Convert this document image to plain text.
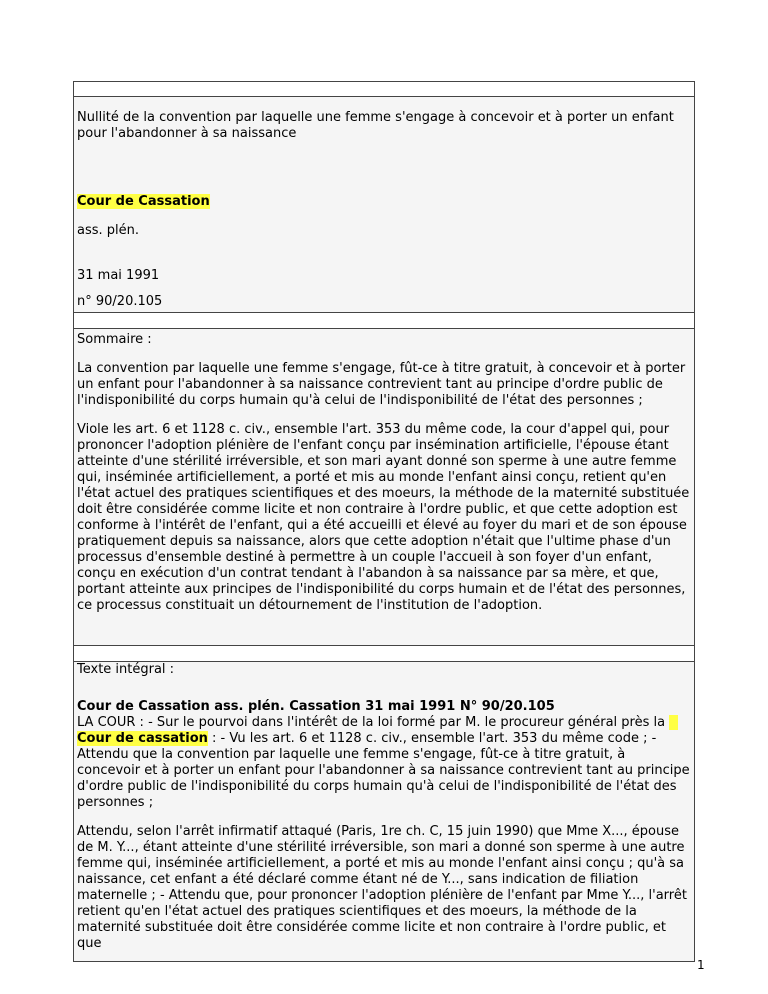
Nullité de la convention par laquelle une femme s'engage à concevoir et à porter un enfant pour l'abandonner à sa naissance

Cour de Cassation

ass. plén.

31 mai 1991

n° 90/20.105

Sommaire :

La convention par laquelle une femme s'engage, fût-ce à titre gratuit, à concevoir et à porter un enfant pour l'abandonner à sa naissance contrevient tant au principe d'ordre public de l'indisponibilité du corps humain qu'à celui de l'indisponibilité de l'état des personnes ;

Viole les art. 6 et 1128 c. civ., ensemble l'art. 353 du même code, la cour d'appel qui, pour prononcer l'adoption plénière de l'enfant conçu par insémination artificielle, l'épouse étant atteinte d'une stérilité irréversible, et son mari ayant donné son sperme à une autre femme qui, inséminée artificiellement, a porté et mis au monde l'enfant ainsi conçu, retient qu'en l'état actuel des pratiques scientifiques et des moeurs, la méthode de la maternité substituée doit être considérée comme licite et non contraire à l'ordre public, et que cette adoption est conforme à l'intérêt de l'enfant, qui a été accueilli et élevé au foyer du mari et de son épouse pratiquement depuis sa naissance, alors que cette adoption n'était que l'ultime phase d'un processus d'ensemble destiné à permettre à un couple l'accueil à son foyer d'un enfant, conçu en exécution d'un contrat tendant à l'abandon à sa naissance par sa mère, et que, portant atteinte aux principes de l'indisponibilité du corps humain et de l'état des personnes, ce processus constituait un détournement de l'institution de l'adoption.

Texte intégral :

Cour de Cassation ass. plén. Cassation 31 mai 1991 N° 90/20.105

LA COUR : - Sur le pourvoi dans l'intérêt de la loi formé par M. le procureur général près la    Cour de cassation : - Vu les art. 6 et 1128 c. civ., ensemble l'art. 353 du même code ; - Attendu que la convention par laquelle une femme s'engage, fût-ce à titre gratuit, à concevoir et à porter un enfant pour l'abandonner à sa naissance contrevient tant au principe d'ordre public de l'indisponibilité du corps humain qu'à celui de l'indisponibilité de l'état des personnes ;

Attendu, selon l'arrêt infirmatif attaqué (Paris, 1re ch. C, 15 juin 1990) que Mme X..., épouse de M. Y..., étant atteinte d'une stérilité irréversible, son mari a donné son sperme à une autre femme qui, inséminée artificiellement, a porté et mis au monde l'enfant ainsi conçu ; qu'à sa naissance, cet enfant a été déclaré comme étant né de Y..., sans indication de filiation maternelle ; - Attendu que, pour prononcer l'adoption plénière de l'enfant par Mme Y..., l'arrêt retient qu'en l'état actuel des pratiques scientifiques et des moeurs, la méthode de la maternité substituée doit être considérée comme licite et non contraire à l'ordre public, et que

1
